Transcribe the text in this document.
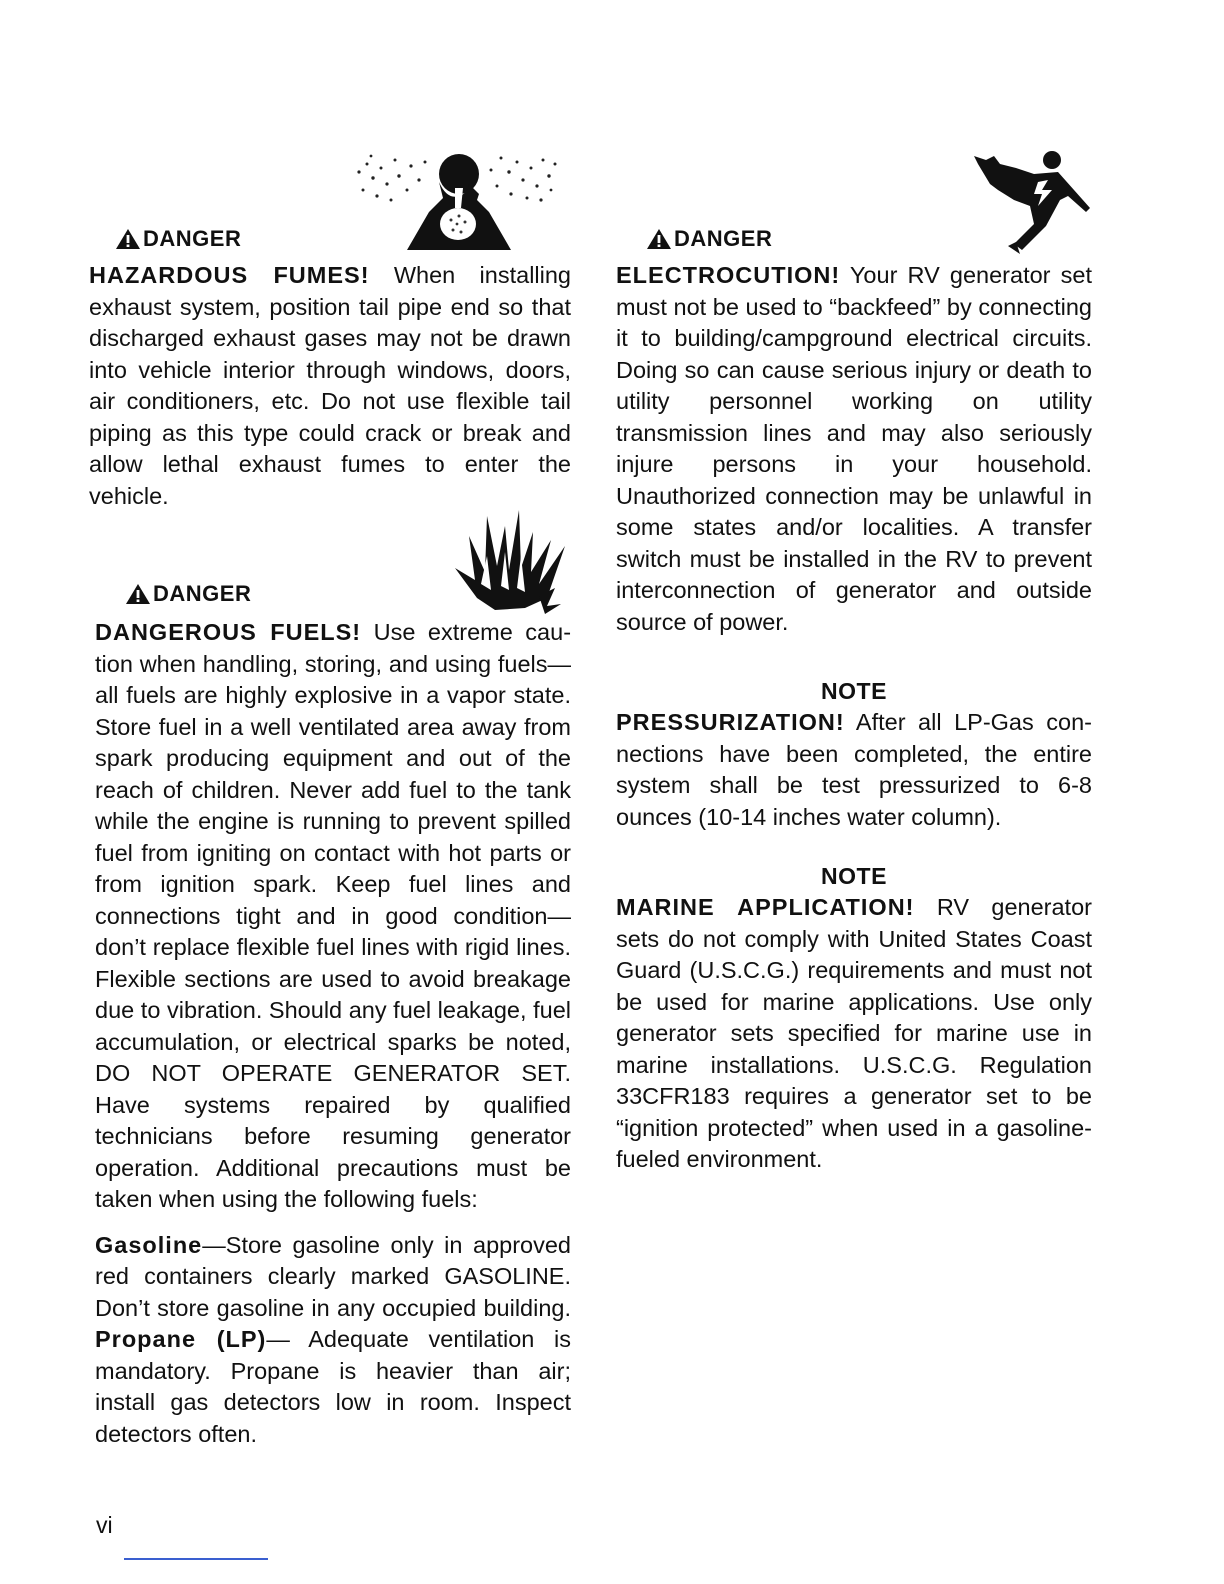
DANGER

HAZARDOUS FUMES! When installing exhaust system, position tail pipe end so that discharged exhaust gases may not be drawn into vehicle interior through windows, doors, air conditioners, etc. Do not use flexible tail piping as this type could crack or break and allow lethal exhaust fumes to enter the vehicle.

DANGER

DANGEROUS FUELS! Use extreme caution when handling, storing, and using fuels—all fuels are highly explosive in a vapor state. Store fuel in a well ventilated area away from spark producing equipment and out of the reach of children. Never add fuel to the tank while the engine is running to prevent spilled fuel from igniting on contact with hot parts or from ignition spark. Keep fuel lines and connections tight and in good condition—don’t replace flexible fuel lines with rigid lines. Flexible sections are used to avoid breakage due to vibration. Should any fuel leakage, fuel accumulation, or electrical sparks be noted, DO NOT OPERATE GENERATOR SET. Have systems repaired by qualified technicians before resuming generator operation. Additional precautions must be taken when using the following fuels:

Gasoline—Store gasoline only in approved red containers clearly marked GASOLINE. Don’t store gasoline in any occupied building. Propane (LP)— Adequate ventilation is mandatory. Propane is heavier than air; install gas detectors low in room. Inspect detectors often.

DANGER

ELECTROCUTION! Your RV generator set must not be used to “backfeed” by connecting it to building/campground electrical circuits. Doing so can cause serious injury or death to utility personnel working on utility transmission lines and may also seriously injure persons in your household. Unauthorized connection may be unlawful in some states and/or localities. A transfer switch must be installed in the RV to prevent interconnection of generator and outside source of power.

NOTE

PRESSURIZATION! After all LP-Gas connections have been completed, the entire system shall be test pressurized to 6-8 ounces (10-14 inches water column).

NOTE

MARINE APPLICATION! RV generator sets do not comply with United States Coast Guard (U.S.C.G.) requirements and must not be used for marine applications. Use only generator sets specified for marine use in marine installations. U.S.C.G. Regulation 33CFR183 requires a generator set to be “ignition protected” when used in a gasoline-fueled environment.

vi
